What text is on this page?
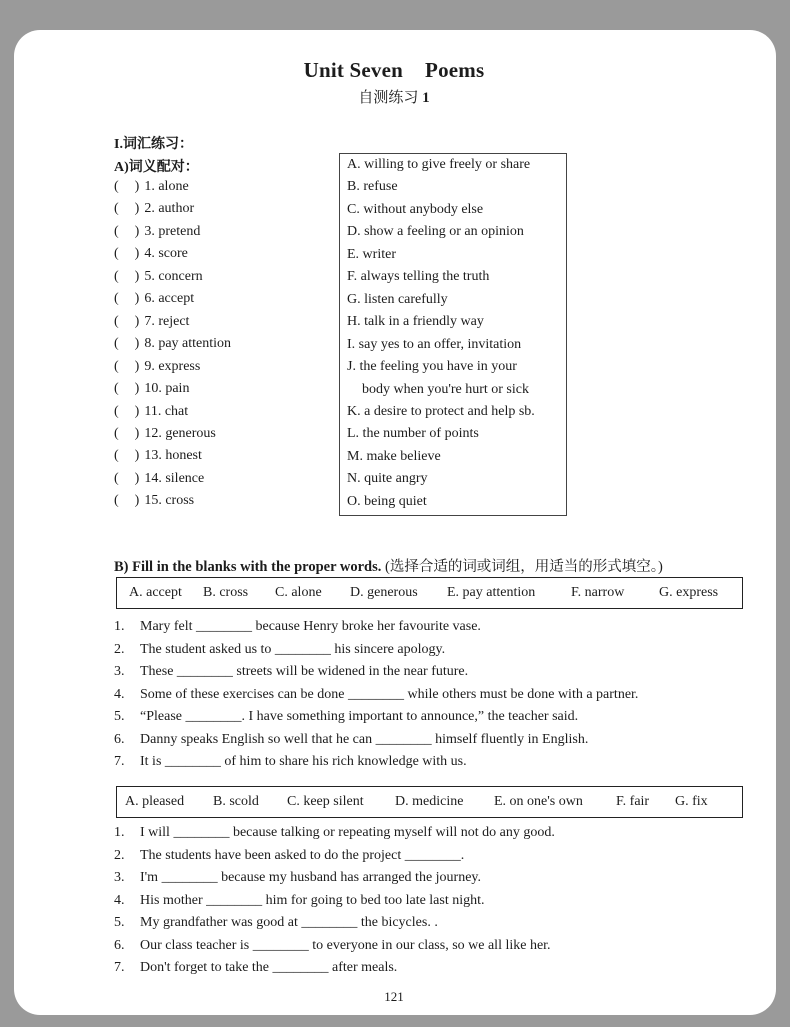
Unit Seven Poems
自测练习 1
I.词汇练习：
A)词义配对：
( ) 1. alone
( ) 2. author
( ) 3. pretend
( ) 4. score
( ) 5. concern
( ) 6. accept
( ) 7. reject
( ) 8. pay attention
( ) 9. express
( ) 10. pain
( ) 11. chat
( ) 12. generous
( ) 13. honest
( ) 14. silence
( ) 15. cross
A. willing to give freely or share
B. refuse
C. without anybody else
D. show a feeling or an opinion
E. writer
F. always telling the truth
G. listen carefully
H. talk in a friendly way
I. say yes to an offer, invitation
J. the feeling you have in your
body when you're hurt or sick
K. a desire to protect and help sb.
L. the number of points
M. make believe
N. quite angry
O. being quiet
B) Fill in the blanks with the proper words. (选择合适的词或词组，用适当的形式填空。)
A. accept B. cross C. alone D. generous E. pay attention	F. narrow G. express
1. Mary felt ________ because Henry broke her favourite vase.
2. The student asked us to ________ his sincere apology.
3. These ________ streets will be widened in the near future.
4. Some of these exercises can be done ________ while others must be done with a partner.
5. “Please ________. I have something important to announce,” the teacher said.
6. Danny speaks English so well that he can ________ himself fluently in English.
7. It is ________ of him to share his rich knowledge with us.
A. pleased B. scold C. keep silent D. medicine E. on one's own F. fair G. fix
1. I will ________ because talking or repeating myself will not do any good.
2. The students have been asked to do the project ________.
3. I'm ________ because my husband has arranged the journey.
4. His mother ________ him for going to bed too late last night.
5. My grandfather was good at ________ the bicycles. .
6. Our class teacher is ________ to everyone in our class, so we all like her.
7. Don't forget to take the ________ after meals.
121
